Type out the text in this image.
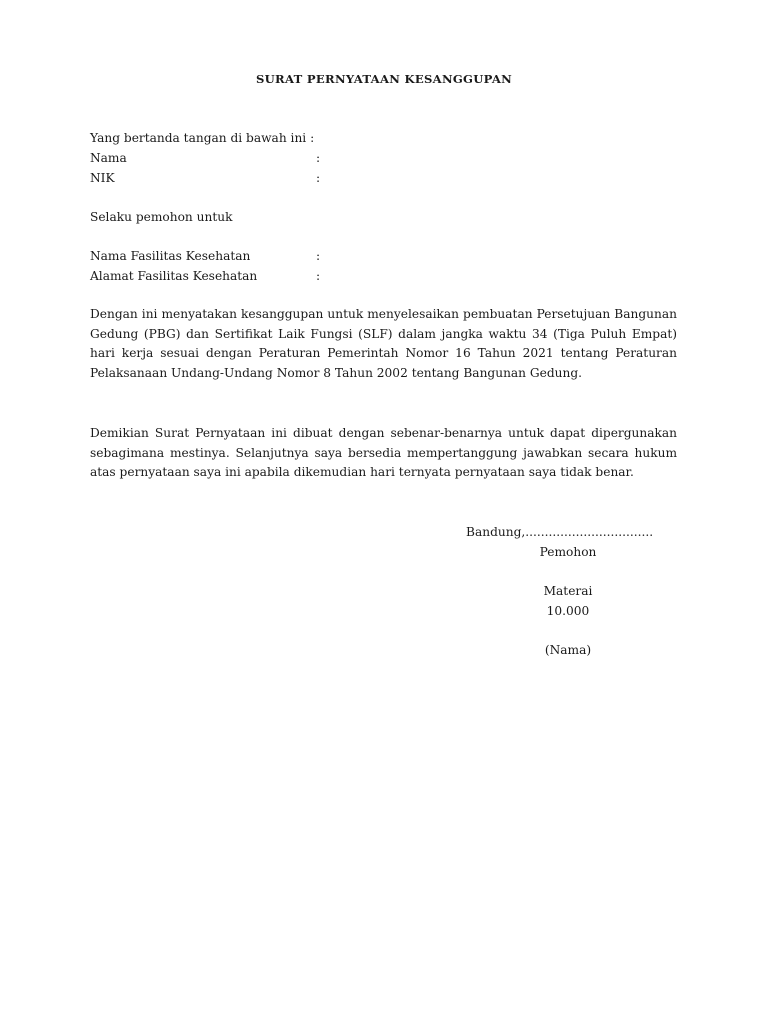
SURAT PERNYATAAN KESANGGUPAN
Yang bertanda tangan di bawah ini :
Nama	:
NIK	:
Selaku pemohon untuk
Nama Fasilitas Kesehatan	:
Alamat Fasilitas Kesehatan	:
Dengan ini menyatakan kesanggupan untuk menyelesaikan pembuatan Persetujuan Bangunan Gedung (PBG) dan Sertifikat Laik Fungsi (SLF) dalam jangka waktu 34 (Tiga Puluh Empat) hari kerja sesuai dengan Peraturan Pemerintah Nomor 16 Tahun 2021 tentang Peraturan Pelaksanaan Undang-Undang Nomor 8 Tahun 2002 tentang Bangunan Gedung.
Demikian Surat Pernyataan ini dibuat dengan sebenar-benarnya untuk dapat dipergunakan sebagimana mestinya. Selanjutnya saya bersedia mempertanggung jawabkan secara hukum atas pernyataan saya ini apabila dikemudian hari ternyata pernyataan saya tidak benar.
Bandung,.................................
Pemohon
Materai
10.000
(Nama)
